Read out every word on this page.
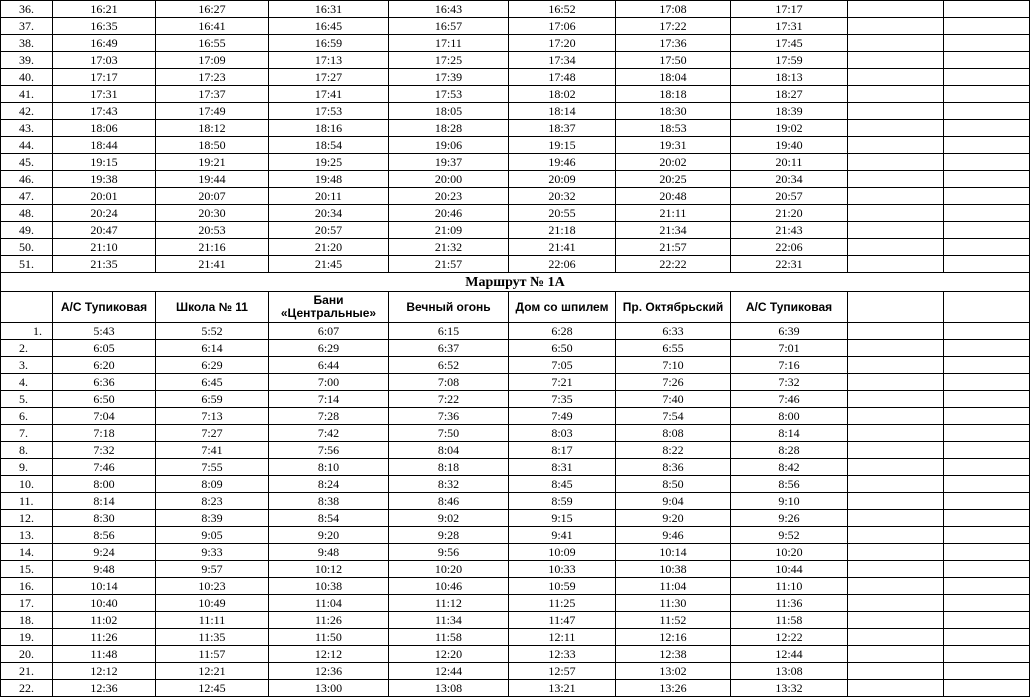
36.	16:21	16:27	16:31	16:43	16:52	17:08	17:17		
37.	16:35	16:41	16:45	16:57	17:06	17:22	17:31		
38.	16:49	16:55	16:59	17:11	17:20	17:36	17:45		
39.	17:03	17:09	17:13	17:25	17:34	17:50	17:59		
40.	17:17	17:23	17:27	17:39	17:48	18:04	18:13		
41.	17:31	17:37	17:41	17:53	18:02	18:18	18:27		
42.	17:43	17:49	17:53	18:05	18:14	18:30	18:39		
43.	18:06	18:12	18:16	18:28	18:37	18:53	19:02		
44.	18:44	18:50	18:54	19:06	19:15	19:31	19:40		
45.	19:15	19:21	19:25	19:37	19:46	20:02	20:11		
46.	19:38	19:44	19:48	20:00	20:09	20:25	20:34		
47.	20:01	20:07	20:11	20:23	20:32	20:48	20:57		
48.	20:24	20:30	20:34	20:46	20:55	21:11	21:20		
49.	20:47	20:53	20:57	21:09	21:18	21:34	21:43		
50.	21:10	21:16	21:20	21:32	21:41	21:57	22:06		
51.	21:35	21:41	21:45	21:57	22:06	22:22	22:31		
Маршрут № 1А									
	А/С Тупиковая	Школа № 11	Бани «Центральные»	Вечный огонь	Дом со шпилем	Пр. Октябрьский	А/С Тупиковая		
1.	5:43	5:52	6:07	6:15	6:28	6:33	6:39		
2.	6:05	6:14	6:29	6:37	6:50	6:55	7:01		
3.	6:20	6:29	6:44	6:52	7:05	7:10	7:16		
4.	6:36	6:45	7:00	7:08	7:21	7:26	7:32		
5.	6:50	6:59	7:14	7:22	7:35	7:40	7:46		
6.	7:04	7:13	7:28	7:36	7:49	7:54	8:00		
7.	7:18	7:27	7:42	7:50	8:03	8:08	8:14		
8.	7:32	7:41	7:56	8:04	8:17	8:22	8:28		
9.	7:46	7:55	8:10	8:18	8:31	8:36	8:42		
10.	8:00	8:09	8:24	8:32	8:45	8:50	8:56		
11.	8:14	8:23	8:38	8:46	8:59	9:04	9:10		
12.	8:30	8:39	8:54	9:02	9:15	9:20	9:26		
13.	8:56	9:05	9:20	9:28	9:41	9:46	9:52		
14.	9:24	9:33	9:48	9:56	10:09	10:14	10:20		
15.	9:48	9:57	10:12	10:20	10:33	10:38	10:44		
16.	10:14	10:23	10:38	10:46	10:59	11:04	11:10		
17.	10:40	10:49	11:04	11:12	11:25	11:30	11:36		
18.	11:02	11:11	11:26	11:34	11:47	11:52	11:58		
19.	11:26	11:35	11:50	11:58	12:11	12:16	12:22		
20.	11:48	11:57	12:12	12:20	12:33	12:38	12:44		
21.	12:12	12:21	12:36	12:44	12:57	13:02	13:08		
22.	12:36	12:45	13:00	13:08	13:21	13:26	13:32		
